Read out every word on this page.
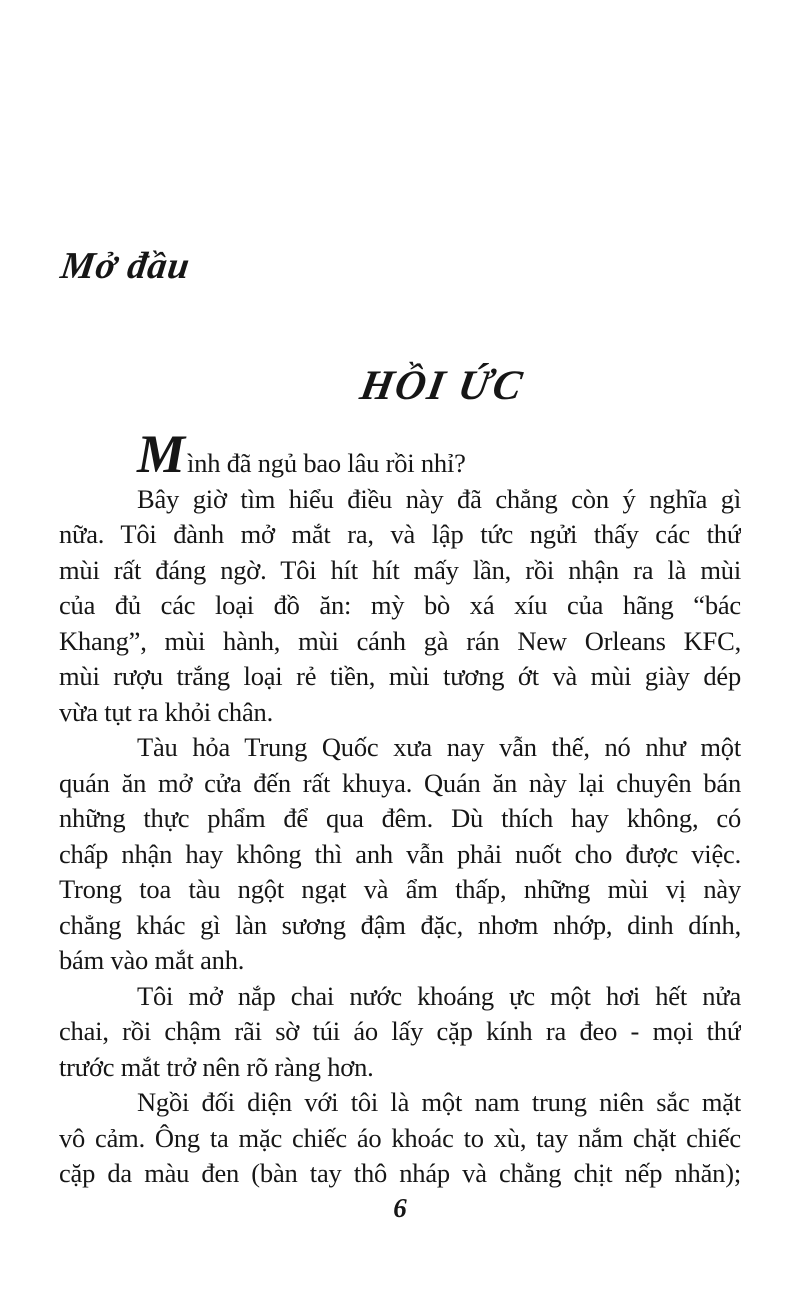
Mở đầu
HỒI ỨC
Mình đã ngủ bao lâu rồi nhỉ?
Bây giờ tìm hiểu điều này đã chẳng còn ý nghĩa gì
nữa. Tôi đành mở mắt ra, và lập tức ngửi thấy các thứ
mùi rất đáng ngờ. Tôi hít hít mấy lần, rồi nhận ra là mùi
của đủ các loại đồ ăn: mỳ bò xá xíu của hãng “bác
Khang”, mùi hành, mùi cánh gà rán New Orleans KFC,
mùi rượu trắng loại rẻ tiền, mùi tương ớt và mùi giày dép
vừa tụt ra khỏi chân.
Tàu hỏa Trung Quốc xưa nay vẫn thế, nó như một
quán ăn mở cửa đến rất khuya. Quán ăn này lại chuyên bán
những thực phẩm để qua đêm. Dù thích hay không, có
chấp nhận hay không thì anh vẫn phải nuốt cho được việc.
Trong toa tàu ngột ngạt và ẩm thấp, những mùi vị này
chẳng khác gì làn sương đậm đặc, nhơm nhớp, dinh dính,
bám vào mắt anh.
Tôi mở nắp chai nước khoáng ực một hơi hết nửa
chai, rồi chậm rãi sờ túi áo lấy cặp kính ra đeo - mọi thứ
trước mắt trở nên rõ ràng hơn.
Ngồi đối diện với tôi là một nam trung niên sắc mặt
vô cảm. Ông ta mặc chiếc áo khoác to xù, tay nắm chặt chiếc
cặp da màu đen (bàn tay thô nháp và chằng chịt nếp nhăn);
6
